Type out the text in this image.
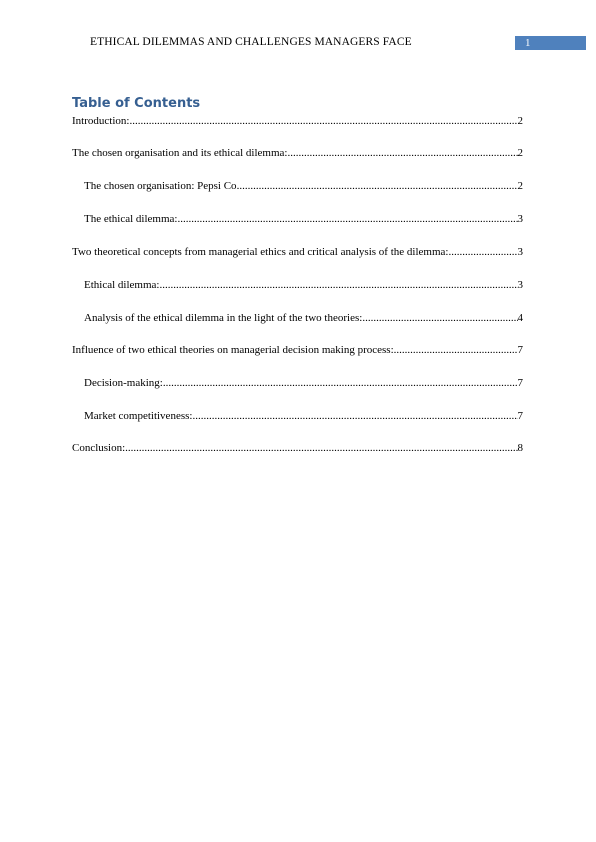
ETHICAL DILEMMAS AND CHALLENGES MANAGERS FACE	1
Table of Contents
Introduction: .....	2
The chosen organisation and its ethical dilemma: .....	2
The chosen organisation: Pepsi Co .....	2
The ethical dilemma: .....	3
Two theoretical concepts from managerial ethics and critical analysis of the dilemma: .....	3
Ethical dilemma: .....	3
Analysis of the ethical dilemma in the light of the two theories: .....	4
Influence of two ethical theories on managerial decision making process: .....	7
Decision-making: .....	7
Market competitiveness: .....	7
Conclusion: .....	8
